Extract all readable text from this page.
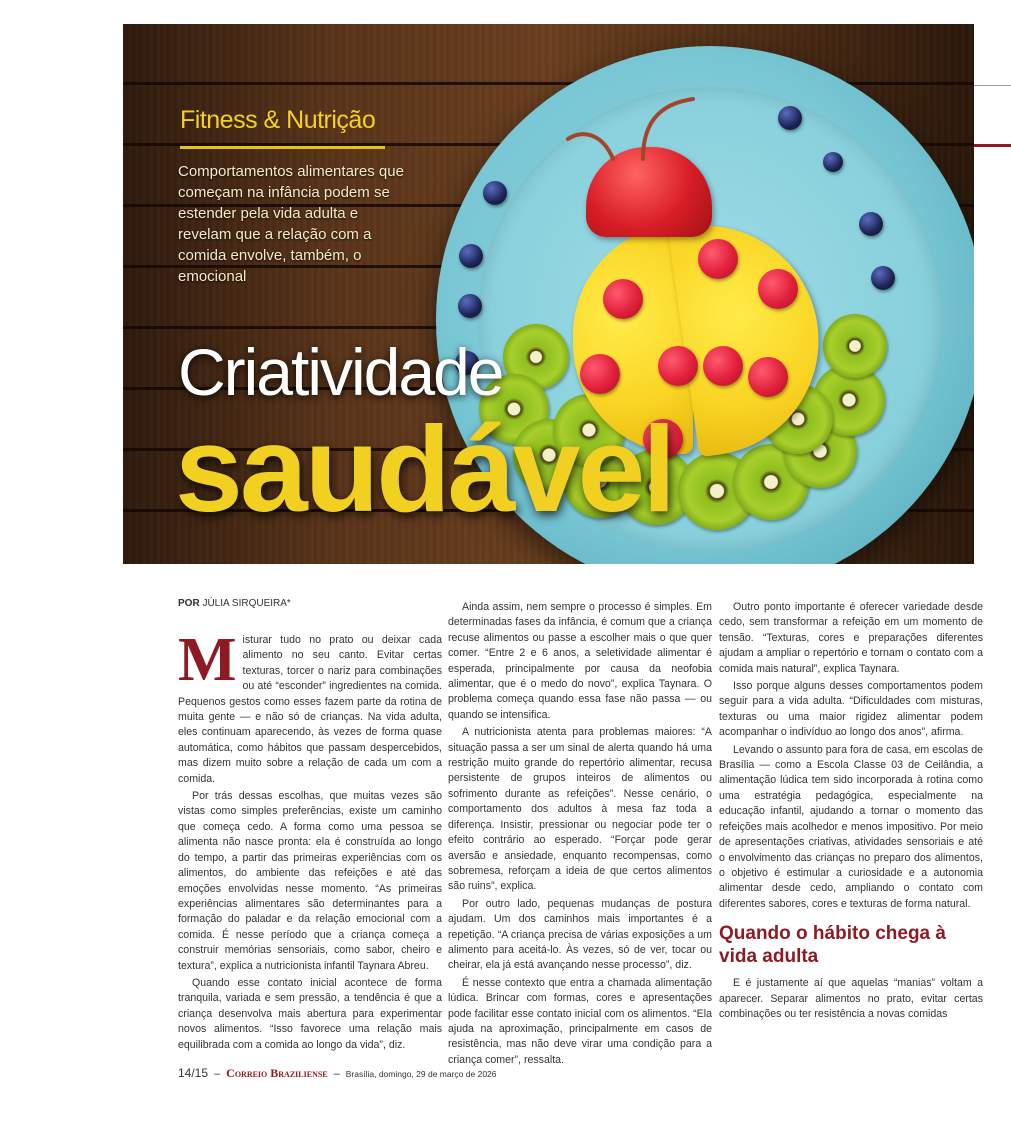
Fitness & Nutrição
Comportamentos alimentares que começam na infância podem se estender pela vida adulta e revelam que a relação com a comida envolve, também, o emocional
Criatividade
saudável
POR JÚLIA SIRQUEIRA*

Misturar tudo no prato ou deixar cada alimento no seu canto. Evitar certas texturas, torcer o nariz para combinações ou até “esconder” ingredientes na comida. Pequenos gestos como esses fazem parte da rotina de muita gente — e não só de crianças. Na vida adulta, eles continuam aparecendo, às vezes de forma quase automática, como hábitos que passam despercebidos, mas dizem muito sobre a relação de cada um com a comida.

Por trás dessas escolhas, que muitas vezes são vistas como simples preferências, existe um caminho que começa cedo. A forma como uma pessoa se alimenta não nasce pronta: ela é construída ao longo do tempo, a partir das primeiras experiências com os alimentos, do ambiente das refeições e até das emoções envolvidas nesse momento. “As primeiras experiências alimentares são determinantes para a formação do paladar e da relação emocional com a comida. É nesse período que a criança começa a construir memórias sensoriais, como sabor, cheiro e textura”, explica a nutricionista infantil Taynara Abreu.

Quando esse contato inicial acontece de forma tranquila, variada e sem pressão, a tendência é que a criança desenvolva mais abertura para experimentar novos alimentos. “Isso favorece uma relação mais equilibrada com a comida ao longo da vida”, diz.

Ainda assim, nem sempre o processo é simples. Em determinadas fases da infância, é comum que a criança recuse alimentos ou passe a escolher mais o que quer comer. “Entre 2 e 6 anos, a seletividade alimentar é esperada, principalmente por causa da neofobia alimentar, que é o medo do novo”, explica Taynara. O problema começa quando essa fase não passa — ou quando se intensifica.

A nutricionista atenta para problemas maiores: “A situação passa a ser um sinal de alerta quando há uma restrição muito grande do repertório alimentar, recusa persistente de grupos inteiros de alimentos ou sofrimento durante as refeições”. Nesse cenário, o comportamento dos adultos à mesa faz toda a diferença. Insistir, pressionar ou negociar pode ter o efeito contrário ao esperado. “Forçar pode gerar aversão e ansiedade, enquanto recompensas, como sobremesa, reforçam a ideia de que certos alimentos são ruins”, explica.

Por outro lado, pequenas mudanças de postura ajudam. Um dos caminhos mais importantes é a repetição. “A criança precisa de várias exposições a um alimento para aceitá-lo. Às vezes, só de ver, tocar ou cheirar, ela já está avançando nesse processo”, diz.

É nesse contexto que entra a chamada alimentação lúdica. Brincar com formas, cores e apresentações pode facilitar esse contato inicial com os alimentos. “Ela ajuda na aproximação, principalmente em casos de resistência, mas não deve virar uma condição para a criança comer”, ressalta.

Outro ponto importante é oferecer variedade desde cedo, sem transformar a refeição em um momento de tensão. “Texturas, cores e preparações diferentes ajudam a ampliar o repertório e tornam o contato com a comida mais natural”, explica Taynara.

Isso porque alguns desses comportamentos podem seguir para a vida adulta. “Dificuldades com misturas, texturas ou uma maior rigidez alimentar podem acompanhar o indivíduo ao longo dos anos”, afirma.

Levando o assunto para fora de casa, em escolas de Brasília — como a Escola Classe 03 de Ceilândia, a alimentação lúdica tem sido incorporada à rotina como uma estratégia pedagógica, especialmente na educação infantil, ajudando a tornar o momento das refeições mais acolhedor e menos impositivo. Por meio de apresentações criativas, atividades sensoriais e até o envolvimento das crianças no preparo dos alimentos, o objetivo é estimular a curiosidade e a autonomia alimentar desde cedo, ampliando o contato com diferentes sabores, cores e texturas de forma natural.

Quando o hábito chega à vida adulta

E é justamente aí que aquelas “manias” voltam a aparecer. Separar alimentos no prato, evitar certas combinações ou ter resistência a novas comidas

14/15 – Correio Braziliense – Brasília, domingo, 29 de março de 2026
